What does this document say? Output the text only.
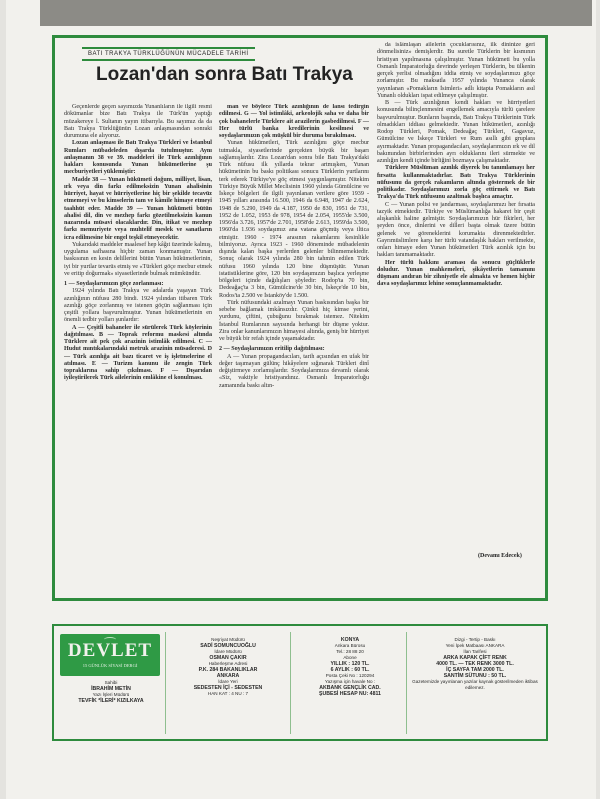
BATI TRAKYA TÜRKLÜĞÜNÜN MÜCADELE TARİHİ
Lozan'dan sonra Batı Trakya

Geçenlerde geçen sayımızda Yunanlıların ile ilgili resmi dökümanlar bize Batı Trakya ile Türk'ün yaptığı müzakereye l. Sultanın yayın itibarıyla. Bu sayımız da da Batı Trakya Türklüğünün Lozan anlaşmasından sonraki durumuna ele alıyoruz.

Lozan anlaşması ile Batı Trakya Türkleri ve İstanbul Rumları mübadeleden dışarda tutulmuştur. Aynı anlaşmanın 38 ve 39. maddeleri ile Türk azınlığının hakları konusunda Yunan hükümetlerine şu mecburiyetleri yüklemiştir:

Madde 38 — Yunan hükümeti doğum, milliyet, lisan, ırk veya din farkı edilmeksizin Yunan ahalisinin hürriyet, hayat ve hürriyetlerine hiç bir şekilde tecavüz etmemeyi ve bu kimselerin tam ve kâmile himaye etmeyi taahhüt eder. Madde 39 — Yunan hükümeti bütün ahalisi dil, din ve mezhep farkı gözetilmeksizin kanun nazarında müsavi olacaklardır. Din, itikat ve mezhep farkı memuriyete veya muhtelif meslek ve sanatların icra edilmesine bir engel teşkil etmeyecektir.

Yukarıdaki maddeler maalesef hep kâğıt üzerinde kalmış, uygulama safhasına hiçbir zaman konmamıştır. Yunan baskısının en kesin delillerini bütün Yunan hükümetlerinin, iyi bir yurtlar tevarüs etmiş ve «Türkleri göçe mecbur etmek ve eritip doğurmak» siyasetlerinde bulmak mümkündür.

1 — Soydaşlarımızın göçe zorlanması:

1924 yılında Batı Trakya ve adalarda yaşayan Türk azınlığının nüfusu 280 bindi. 1924 yılından itibaren Türk azınlığı göçe zorlanmış ve istenen göçün sağlanması için çeşitli yollara başvurulmuştur. Yunan hükümetlerinin en önemli tedbir yolları şunlardır:

A — Çeşitli bahaneler ile sürülerek Türk köylerinin dağıtılması. B — Toprak reformu maskesi altında Türklere ait pek çok arazinin istimlâk edilmesi. C — Hudut mıntıkalarındaki metruk arazinin müsaderesi. D — Türk azınlığa ait bazı ticaret ve iş işletmelerine el atılması. E — Turizm kanunu ile zengin Türk topraklarına sahip çıkılması. F — Dışarıdan iyileştirilerek Türk ailelerinin emlâkine el konulması.

man ve böylece Türk azınlığının de lansı tedirgin edilmesi. G — Yol istimlâki, arkeolojik saha ve daha bir çok bahanelerle Türklere ait arazilerin gasbedilmesi. F — Her türlü banka kredilerinin kesilmesi ve soydaşlarımızın çok müşkül bir duruma bırakılması.

Yunan hükümetleri, Türk azınlığını göçe mecbur tutmakla, siyasetlerinde gerçekten büyük bir başarı sağlamışlardır. Zira Lozan'dan sonra bile Batı Trakya'daki Türk nüfusu ilk yıllarda tekrar artmışken, Yunan hükümetinin bu baskı politikası sonucu Türklerin yurtlarını terk ederek Türkiye'ye göç etmesi yaygınlaşmıştır. Nitekim Türkiye Büyük Millet Meclisinin 1960 yılında Gümülcine ve İskeçe bölgeleri ile ilgili yayınlanan verilere göre 1939 - 1945 yılları arasında 16.500, 1946 da 6.948, 1947 de 2.624, 1948 de 5.290, 1949 da 4.187, 1950 de 830, 1951 de 731, 1952 de 1.052, 1953 de 978, 1954 de 2.054, 1955'de 3.500, 1956'da 3.726, 1957'de 2.701, 1958'de 2.613, 1959'da 3.500, 1960'da 1.936 soydaşımız ana vatana göçmüş veya iltica etmiştir. 1960 - 1974 arasının rakamlarını kesinlikle bilmiyoruz. Ayrıca 1923 - 1960 döneminde mübadelenin dışında kalan başka yerlerden gelenler bilinmemektedir. Sonuç olarak 1924 yılında 280 bin tahmin edilen Türk nüfusu 1960 yılında 120 bine düşmüştür. Yunan istatistiklerine göre, 120 bin soydaşımızın başlıca yerleşme bölgeleri içinde dağılışları şöyledir: Rodop'ta 70 bin, Dedeağaç'ta 3 bin, Gümülcine'de 30 bin, İskeçe'de 10 bin, Rodos'ta 2.500 ve İstanköy'de 1.500.

Türk nüfusundaki azalmayı Yunan baskısından başka bir sebebe bağlamak imkânsızdır. Çünkü hiç kimse yerini, yurdunu, çiftini, çubuğunu bırakmak istemez. Nitekim İstanbul Rumlarının sayısında herhangi bir düşme yoktur. Zira onlar kanunlarımızın himayesi altında, geniş bir hürriyet ve büyük bir refah içinde yaşamaktadır.

2 — Soydaşlarımızın eritilip dağıtılması:

A — Yunan propagandacıları, tarih açısından en ufak bir değer taşımayan gülünç hikâyelere sığınarak Türkleri dinî değiştirmeye zorlamışlardır. Soydaşlarımıza devamlı olarak «Siz, vaktiyle hristiyandınız. Osmanlı İmparatorluğu zamanında baskı altın-

da islâmlaşan ailelerin çocuklarısınız, ilk dininize geri dönmelisiniz» demişlerdir. Bu suretle Türklerin bir kısmının hristiyan yapılmasına çalışılmıştır. Yunan hükümeti bu yolla Osmanlı İmparatorluğu devrinde yerleşen Türklerin, bu ülkenin gerçek yerlisi olmadığını iddia etmiş ve soydaşlarımızı göçe zorlamıştır. Bu maksatla 1957 yılında Yunanca olarak yayınlanan «Pomakların İsimleri» adlı kitapta Pomakların asıl Yunanlı oldukları ispat edilmeye çalışılmıştır.

B — Türk azınlığının kendi hakları ve hürriyetleri konusunda bilinçlenmesini engellemek amacıyla türlü çarelere başvurulmuştur. Bunların başında, Batı Trakya Türklerinin Türk olmadıkları iddiası gelmektedir. Yunan hükümetleri, azınlığı Rodop Türkleri, Pomak, Dedeağaç Türkleri, Gagavuz, Gümülcine ve İskeçe Türkleri ve Rum asıllı gibi gruplara ayırmaktadır. Yunan propagandacıları, soydaşlarımızın ırk ve dil bakımından birbirlerinden ayrı olduklarını ileri sürmekte ve azınlığın kendi içinde birliğini bozmaya çalışmaktadır.

Türklere Müslüman azınlık diyerek bu tanımlamayı her fırsatta kullanmaktadırlar. Batı Trakya Türklerinin nüfusunu da gerçek rakamların altında göstermek de bir politikadır. Soydaşlarımızı zorla göç ettirmek ve Batı Trakya'da Türk nüfusunu azaltmak başlıca amaçtır.

C — Yunan polisi ve jandarması, soydaşlarımızı her fırsatta tazyik etmektedir. Türkiye ve Müslümanlığa hakaret bir çeşit alışkanlık haline gelmiştir. Soydaşlarımızın hür fikirleri, her şeyden önce, dinlerini ve dilleri başta olmak üzere bütün gelenek ve göreneklerini korumakta direnmektedirler. Gayrımüslimlere karşı her türlü vatandaşlık hakları verilmekte, onları himaye eden Yunan hükümetleri Türk azınlık için bu hakları tanımamaktadır.

Her türlü hakkını araması da sonucu güçlüklerle doludur. Yunan mahkemeleri, şikâyetlerin tamamını düşmanı andıran bir zihniyetle ele almakta ve hemen hiçbir dava soydaşlarımız lehine sonuçlanmamaktadır.

(Devamı Edecek)
DEVLET
15 GÜNLÜK SİYASİ DERGİ
Sahibi
İBRAHİM METİN
Yazı İşleri Müdürü
TEVFİK *İLERİ* KIZILKAYA
Neşriyat Müdürü
SADİ SOMUNCUOĞLU
İdare Müdürü
OSMAN ÇAKIR
Haberleşme Adresi
P.K. 284 BAKANLIKLAR
ANKARA
İdare Yeri
SEDESTEN İÇİ - SEDESTEN
HAN KAT : 4 NU : 7
KONYA
Ankara Bürosu
Tel.: 28 88 20
Abone
YILLIK : 120 TL.
6 AYLIK : 60 TL.
Posta Çeki No : 120294
Yazışma için havale No :
AKBANK GENÇLİK CAD.
ŞUBESİ HESAP NU: 4811
Dizgi - Tertip - Baskı
Yeni İpek Matbaası ANKARA
İlan Tarifesi
ARKA KAPAK ÇİFT RENK
4000 TL. — TEK RENK 3000 TL.
İÇ SAYFA TAM 2000 TL.
SANTİM SÜTUNU : 50 TL.
Gazetemizde yayınlanan yazılar kaynak gösterilmeden iktibas edilemez.
